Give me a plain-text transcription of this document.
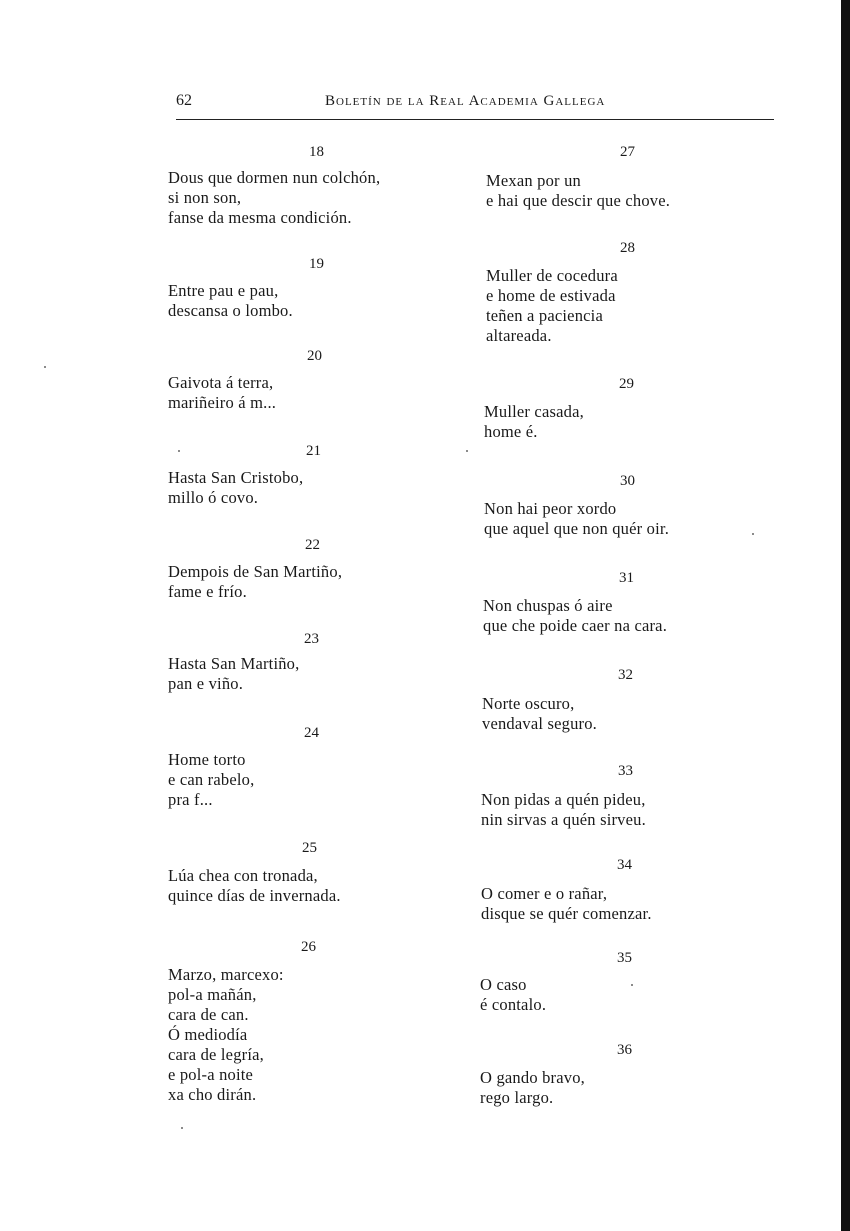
62	Boletín de la Real Academia Gallega
18
Dous que dormen nun colchón,
si non son,
fanse da mesma condición.
19
Entre pau e pau,
descansa o lombo.
20
Gaivota á terra,
mariñeiro á m...
21
Hasta San Cristobo,
millo ó covo.
22
Dempois de San Martiño,
fame e frío.
23
Hasta San Martiño,
pan e viño.
24
Home torto
e can rabelo,
pra f...
25
Lúa chea con tronada,
quince días de invernada.
26
Marzo, marcexo:
pol-a mañán,
cara de can.
Ó mediodía
cara de legría,
e pol-a noite
xa cho dirán.
27
Mexan por un
e hai que descir que chove.
28
Muller de cocedura
e home de estivada
teñen a paciencia
altareada.
29
Muller casada,
home é.
30
Non hai peor xordo
que aquel que non quér oir.
31
Non chuspas ó aire
que che poide caer na cara.
32
Norte oscuro,
vendaval seguro.
33
Non pidas a quén pideu,
nin sirvas a quén sirveu.
34
O comer e o rañar,
disque se quér comenzar.
35
O caso
é contalo.
36
O gando bravo,
rego largo.
